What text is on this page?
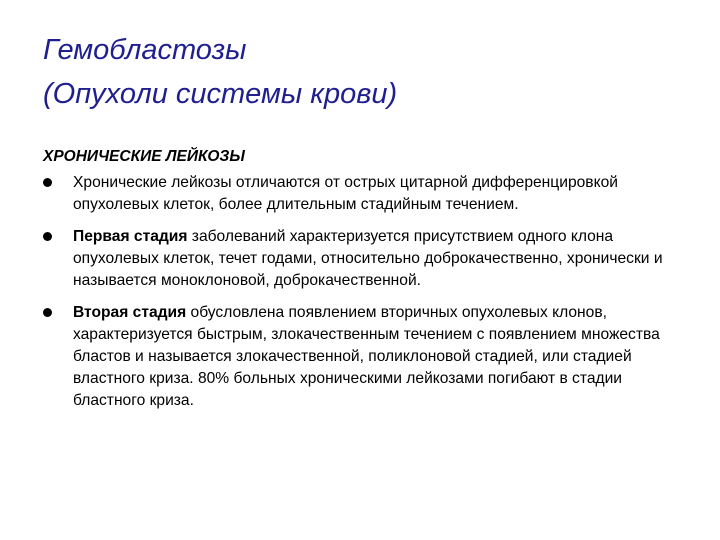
Гемобластозы
(Опухоли системы крови)
ХРОНИЧЕСКИЕ ЛЕЙКОЗЫ
Хронические лейкозы отличаются от острых цитарной дифференцировкой опухолевых клеток, более длительным стадийным течением.
Первая стадия заболеваний характеризуется присутствием одного клона опухолевых клеток, течет годами, относительно доброкачественно, хронически и называется моноклоновой, доброкачественной.
Вторая стадия обусловлена появлением вторичных опухолевых клонов, характеризуется быстрым, злокачественным течением с появлением множества бластов и называется злокачественной, поликлоновой стадией, или стадией властного криза. 80% больных хроническими лейкозами погибают в стадии бластного криза.
